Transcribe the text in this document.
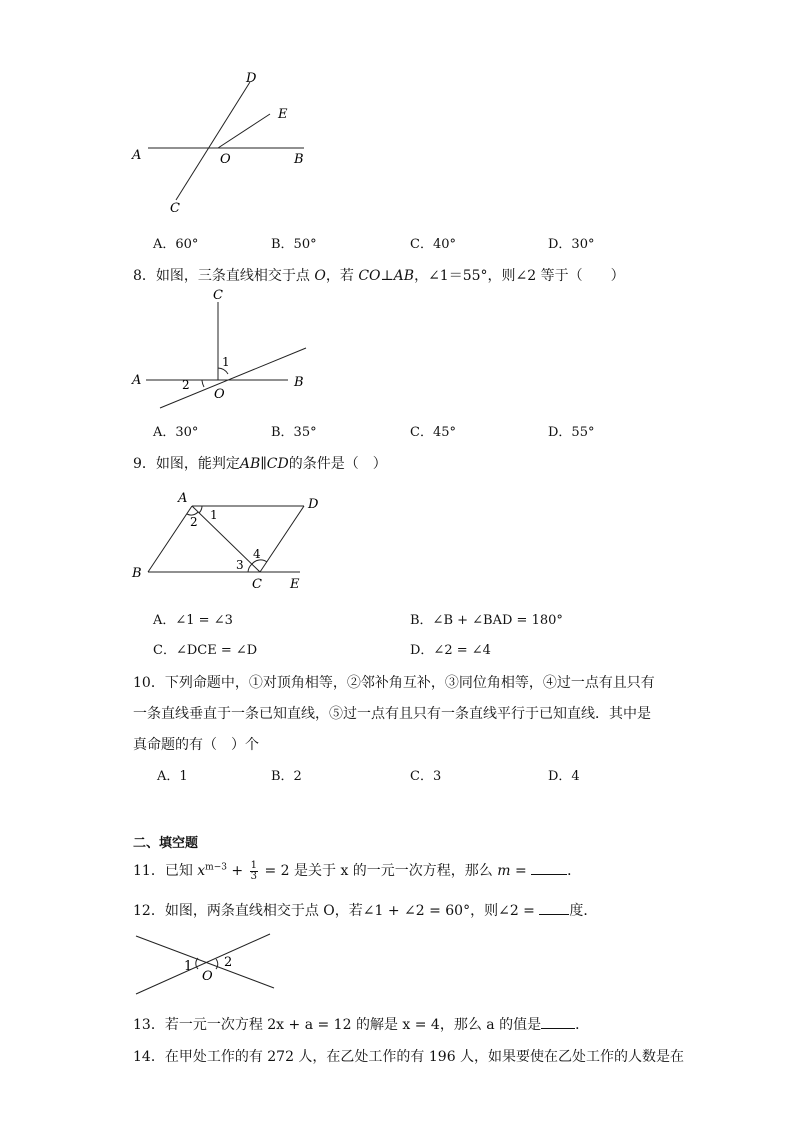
D
E
A	O	B
C
A．60°	B．50°	C．40°	D．30°
8．如图，三条直线相交于点 O，若 CO⊥AB，∠1＝55°，则∠2 等于（　　）
C
1
A	2
O
B
A．30°	B．35°	C．45°	D．55°
9．如图，能判定AB∥CD的条件是（　）
A
1
2
D
4
3
B
C E
A．∠1 = ∠3	B．∠B + ∠BAD = 180°
C．∠DCE = ∠D	D．∠2 = ∠4
10．下列命题中，①对顶角相等，②邻补角互补，③同位角相等，④过一点有且只有
一条直线垂直于一条已知直线，⑤过一点有且只有一条直线平行于已知直线．其中是
真命题的有（　）个
A．1	B．2	C．3	D．4
二、填空题
11．已知 $x^{m-3} + \frac{1}{3} = 2$ 是关于 x 的一元一次方程，那么 m =	．
12．如图，两条直线相交于点 O，若∠1 + ∠2 = 60°，则∠2 = 度．
1 2
O
13．若一元一次方程 2x + a = 12 的解是 x = 4，那么 a 的值是 ．
14．在甲处工作的有 272 人，在乙处工作的有 196 人，如果要使在乙处工作的人数是在
